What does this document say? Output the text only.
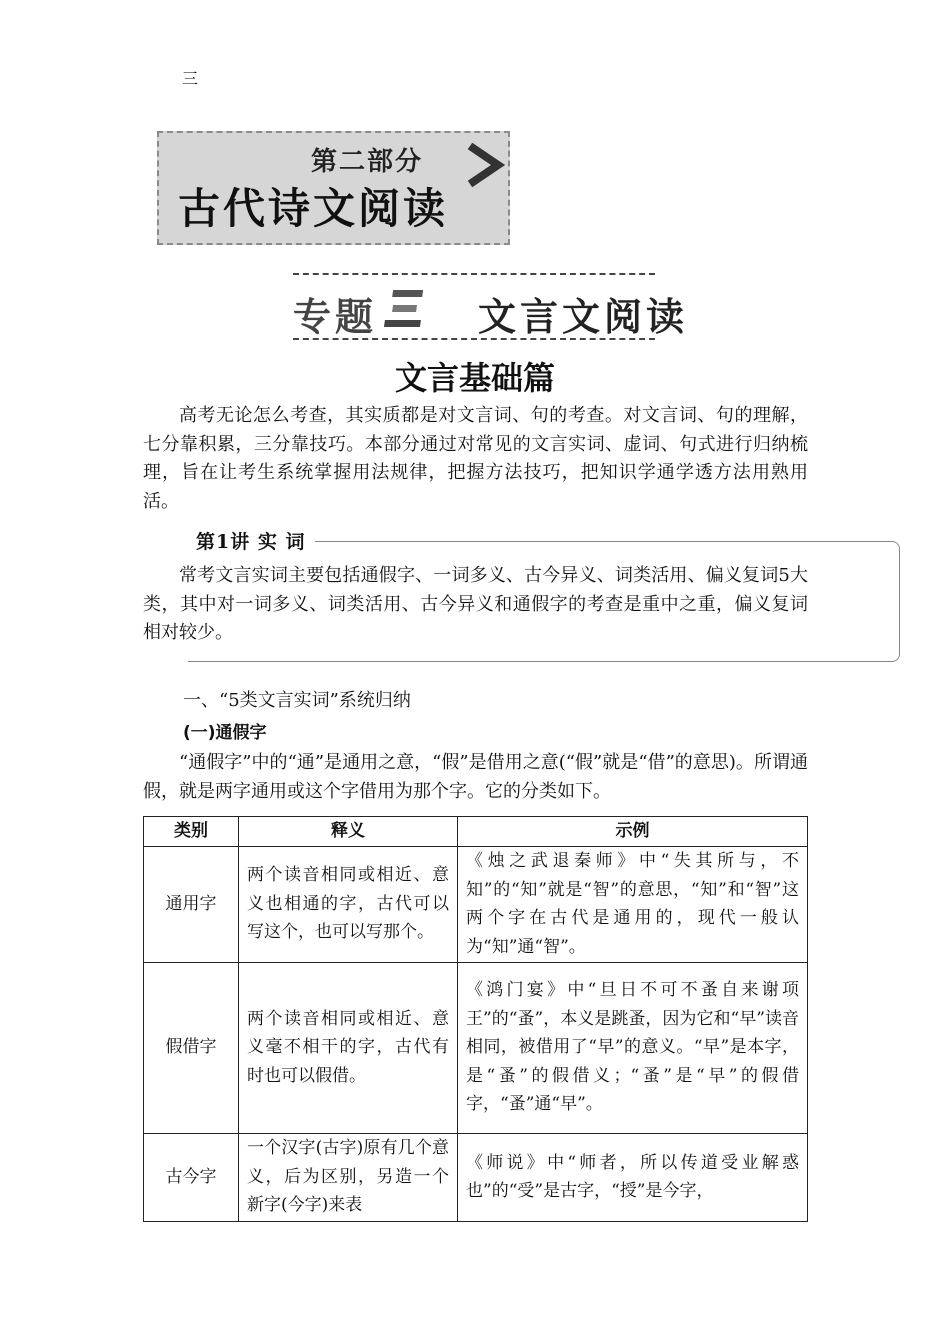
第二部分
古代诗文阅读
专题
三
文言文阅读
文言基础篇
高考无论怎么考查，其实质都是对文言词、句的考查。对文言词、句的理解，七分靠积累，三分靠技巧。本部分通过对常见的文言实词、虚词、句式进行归纳梳理，旨在让考生系统掌握用法规律，把握方法技巧，把知识学通学透方法用熟用活。
第1讲 实 词
常考文言实词主要包括通假字、一词多义、古今异义、词类活用、偏义复词5大类，其中对一词多义、词类活用、古今异义和通假字的考查是重中之重，偏义复词相对较少。
一、“5类文言实词”系统归纳
(一)通假字
“通假字”中的“通”是通用之意，“假”是借用之意(“假”就是“借”的意思)。所谓通假，就是两字通用或这个字借用为那个字。它的分类如下。
类别	释义	示例
通用字	两个读音相同或相近、意义也相通的字，古代可以写这个，也可以写那个。	《烛之武退秦师》中“失其所与，不知”的“知”就是“智”的意思，“知”和“智”这两个字在古代是通用的，现代一般认为“知”通“智”。
假借字	两个读音相同或相近、意义毫不相干的字，古代有时也可以假借。	《鸿门宴》中“旦日不可不蚤自来谢项王”的“蚤”，本义是跳蚤，因为它和“早”读音相同，被借用了“早”的意义。“早”是本字，是“蚤”的假借义；“蚤”是“早”的假借字，“蚤”通“早”。
古今字	一个汉字(古字)原有几个意义，后为区别，另造一个新字(今字)来表	《师说》中“师者，所以传道受业解惑也”的“受”是古字，“授”是今字，
